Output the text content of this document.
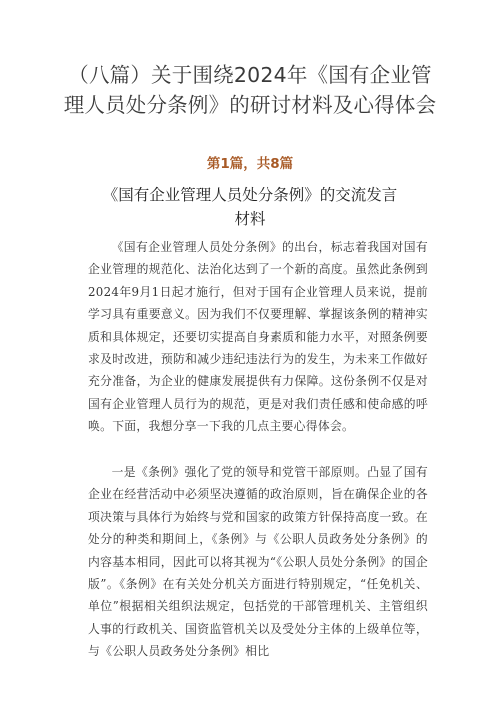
（八篇）关于围绕2024年《国有企业管理人员处分条例》的研讨材料及心得体会
第1篇，共8篇
《国有企业管理人员处分条例》的交流发言材料

《国有企业管理人员处分条例》的出台，标志着我国对国有企业管理的规范化、法治化达到了一个新的高度。虽然此条例到2024年9月1日起才施行，但对于国有企业管理人员来说，提前学习具有重要意义。因为我们不仅要理解、掌握该条例的精神实质和具体规定，还要切实提高自身素质和能力水平，对照条例要求及时改进，预防和减少违纪违法行为的发生，为未来工作做好充分准备，为企业的健康发展提供有力保障。这份条例不仅是对国有企业管理人员行为的规范，更是对我们责任感和使命感的呼唤。下面，我想分享一下我的几点主要心得体会。

一是《条例》强化了党的领导和党管干部原则。凸显了国有企业在经营活动中必须坚决遵循的政治原则，旨在确保企业的各项决策与具体行为始终与党和国家的政策方针保持高度一致。在处分的种类和期间上，《条例》与《公职人员政务处分条例》的内容基本相同，因此可以将其视为“《公职人员处分条例》的国企版”。《条例》在有关处分机关方面进行特别规定，“任免机关、单位”根据相关组织法规定，包括党的干部管理机关、主管组织人事的行政机关、国资监管机关以及受处分主体的上级单位等，与《公职人员政务处分条例》相比
